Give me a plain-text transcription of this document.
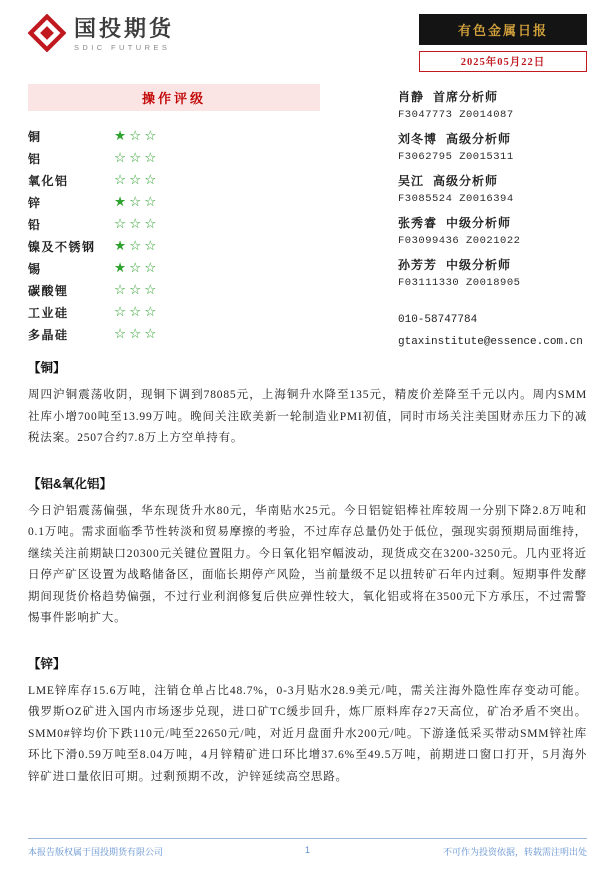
国投期货
SDIC FUTURES
有色金属日报
2025年05月22日
操作评级
铜	★☆☆
铝	☆☆☆
氧化铝	☆☆☆
锌	★☆☆
铅	☆☆☆
镍及不锈钢	★☆☆
锡	★☆☆
碳酸锂	☆☆☆
工业硅	☆☆☆
多晶硅	☆☆☆
肖静 首席分析师
F3047773 Z0014087
刘冬博 高级分析师
F3062795 Z0015311
吴江 高级分析师
F3085524 Z0016394
张秀睿 中级分析师
F03099436 Z0021022
孙芳芳 中级分析师
F03111330 Z0018905
010-58747784
gtaxinstitute@essence.com.cn
【铜】

周四沪铜震荡收阴，现铜下调到78085元，上海铜升水降至135元，精废价差降至千元以内。周内SMM社库小增700吨至13.99万吨。晚间关注欧美新一轮制造业PMI初值，同时市场关注美国财赤压力下的减税法案。2507合约7.8万上方空单持有。

【铝&氧化铝】

今日沪铝震荡偏强，华东现货升水80元，华南贴水25元。今日铝锭铝棒社库较周一分别下降2.8万吨和0.1万吨。需求面临季节性转淡和贸易摩擦的考验，不过库存总量仍处于低位，强现实弱预期局面维持，继续关注前期缺口20300元关键位置阻力。今日氧化铝窄幅波动，现货成交在3200-3250元。几内亚将近日停产矿区设置为战略储备区，面临长期停产风险，当前量级不足以扭转矿石年内过剩。短期事件发酵期间现货价格趋势偏强，不过行业利润修复后供应弹性较大，氧化铝或将在3500元下方承压，不过需警惕事件影响扩大。

【锌】

LME锌库存15.6万吨，注销仓单占比48.7%，0-3月贴水28.9美元/吨，需关注海外隐性库存变动可能。俄罗斯OZ矿进入国内市场逐步兑现，进口矿TC缓步回升，炼厂原料库存27天高位，矿冶矛盾不突出。SMM0#锌均价下跌110元/吨至22650元/吨，对近月盘面升水200元/吨。下游逢低采买带动SMM锌社库环比下滑0.59万吨至8.04万吨，4月锌精矿进口环比增37.6%至49.5万吨，前期进口窗口打开，5月海外锌矿进口量依旧可期。过剩预期不改，沪锌延续高空思路。

本报告版权属于国投期货有限公司	1	不可作为投资依据，转载需注明出处
